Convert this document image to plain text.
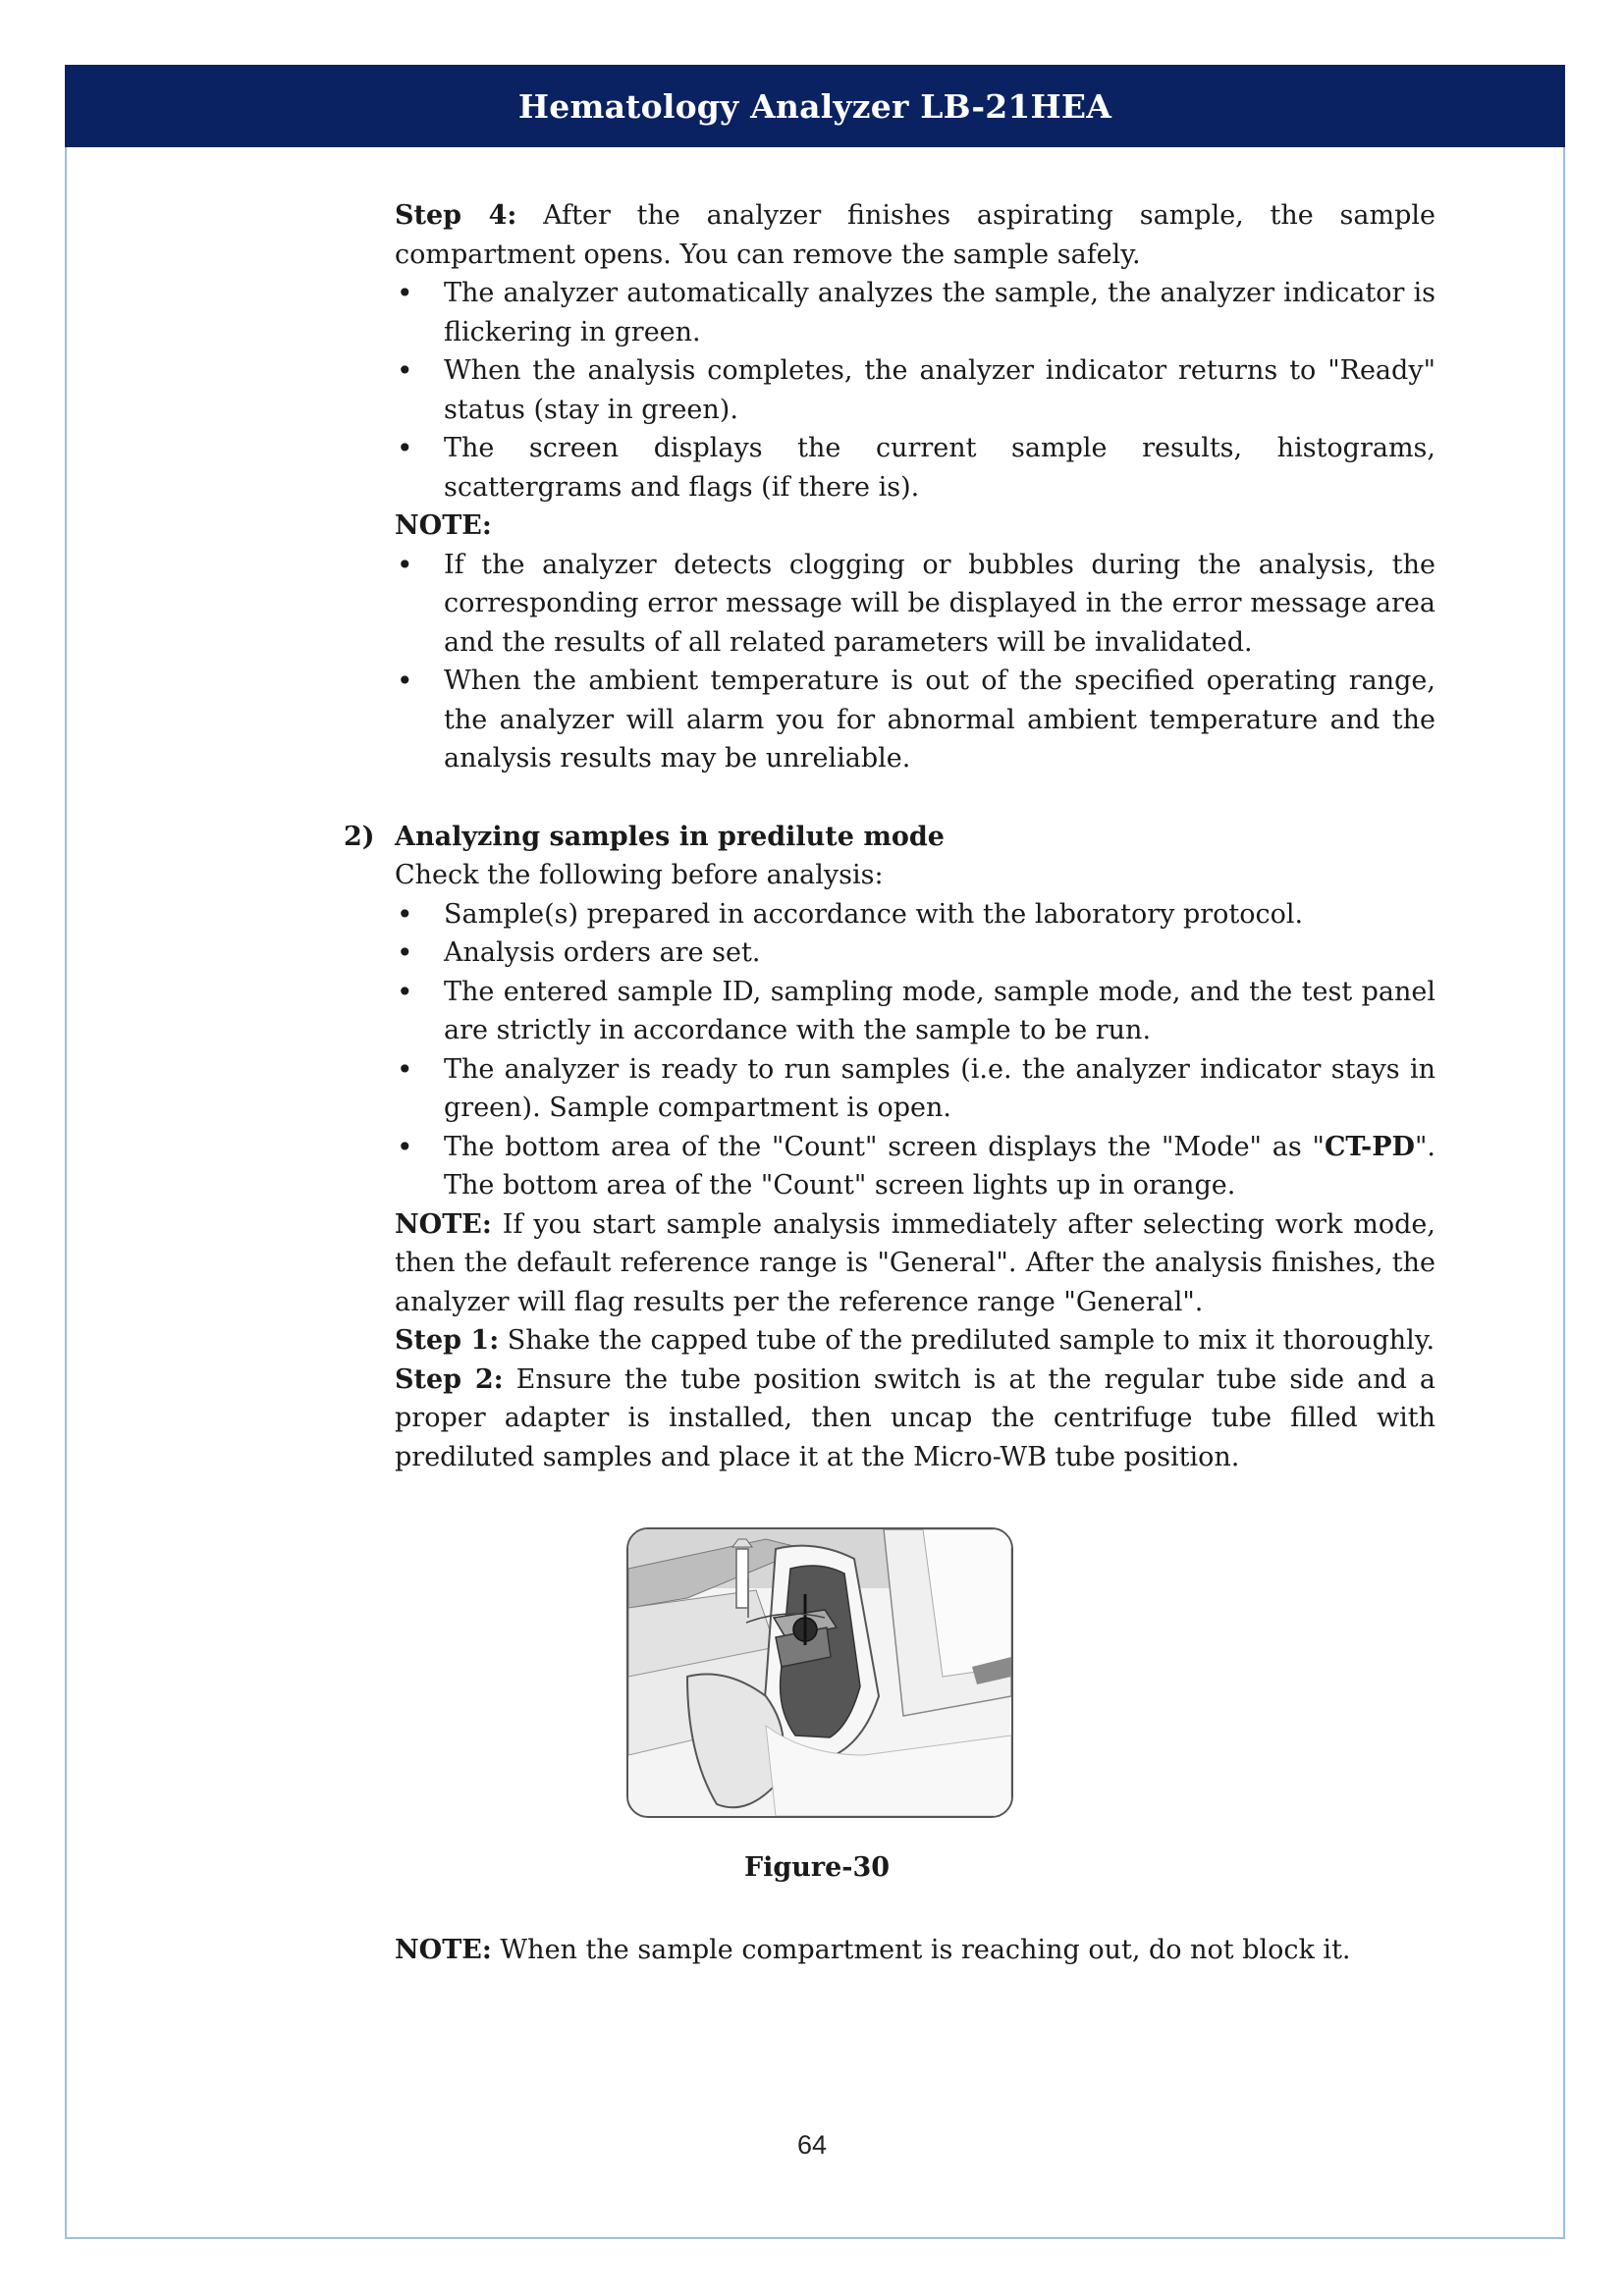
Hematology Analyzer LB-21HEA

Step 4: After the analyzer finishes aspirating sample, the sample compartment opens. You can remove the sample safely.

• The analyzer automatically analyzes the sample, the analyzer indicator is flickering in green.
• When the analysis completes, the analyzer indicator returns to "Ready" status (stay in green).
• The screen displays the current sample results, histograms, scattergrams and flags (if there is).

NOTE:

• If the analyzer detects clogging or bubbles during the analysis, the corresponding error message will be displayed in the error message area and the results of all related parameters will be invalidated.
• When the ambient temperature is out of the specified operating range, the analyzer will alarm you for abnormal ambient temperature and the analysis results may be unreliable.

2) Analyzing samples in predilute mode

Check the following before analysis:

• Sample(s) prepared in accordance with the laboratory protocol.
• Analysis orders are set.
• The entered sample ID, sampling mode, sample mode, and the test panel are strictly in accordance with the sample to be run.
• The analyzer is ready to run samples (i.e. the analyzer indicator stays in green). Sample compartment is open.
• The bottom area of the "Count" screen displays the "Mode" as "CT-PD". The bottom area of the "Count" screen lights up in orange.

NOTE: If you start sample analysis immediately after selecting work mode, then the default reference range is "General". After the analysis finishes, the analyzer will flag results per the reference range "General".

Step 1: Shake the capped tube of the prediluted sample to mix it thoroughly.

Step 2: Ensure the tube position switch is at the regular tube side and a proper adapter is installed, then uncap the centrifuge tube filled with prediluted samples and place it at the Micro-WB tube position.

Figure-30
NOTE: When the sample compartment is reaching out, do not block it.
64
